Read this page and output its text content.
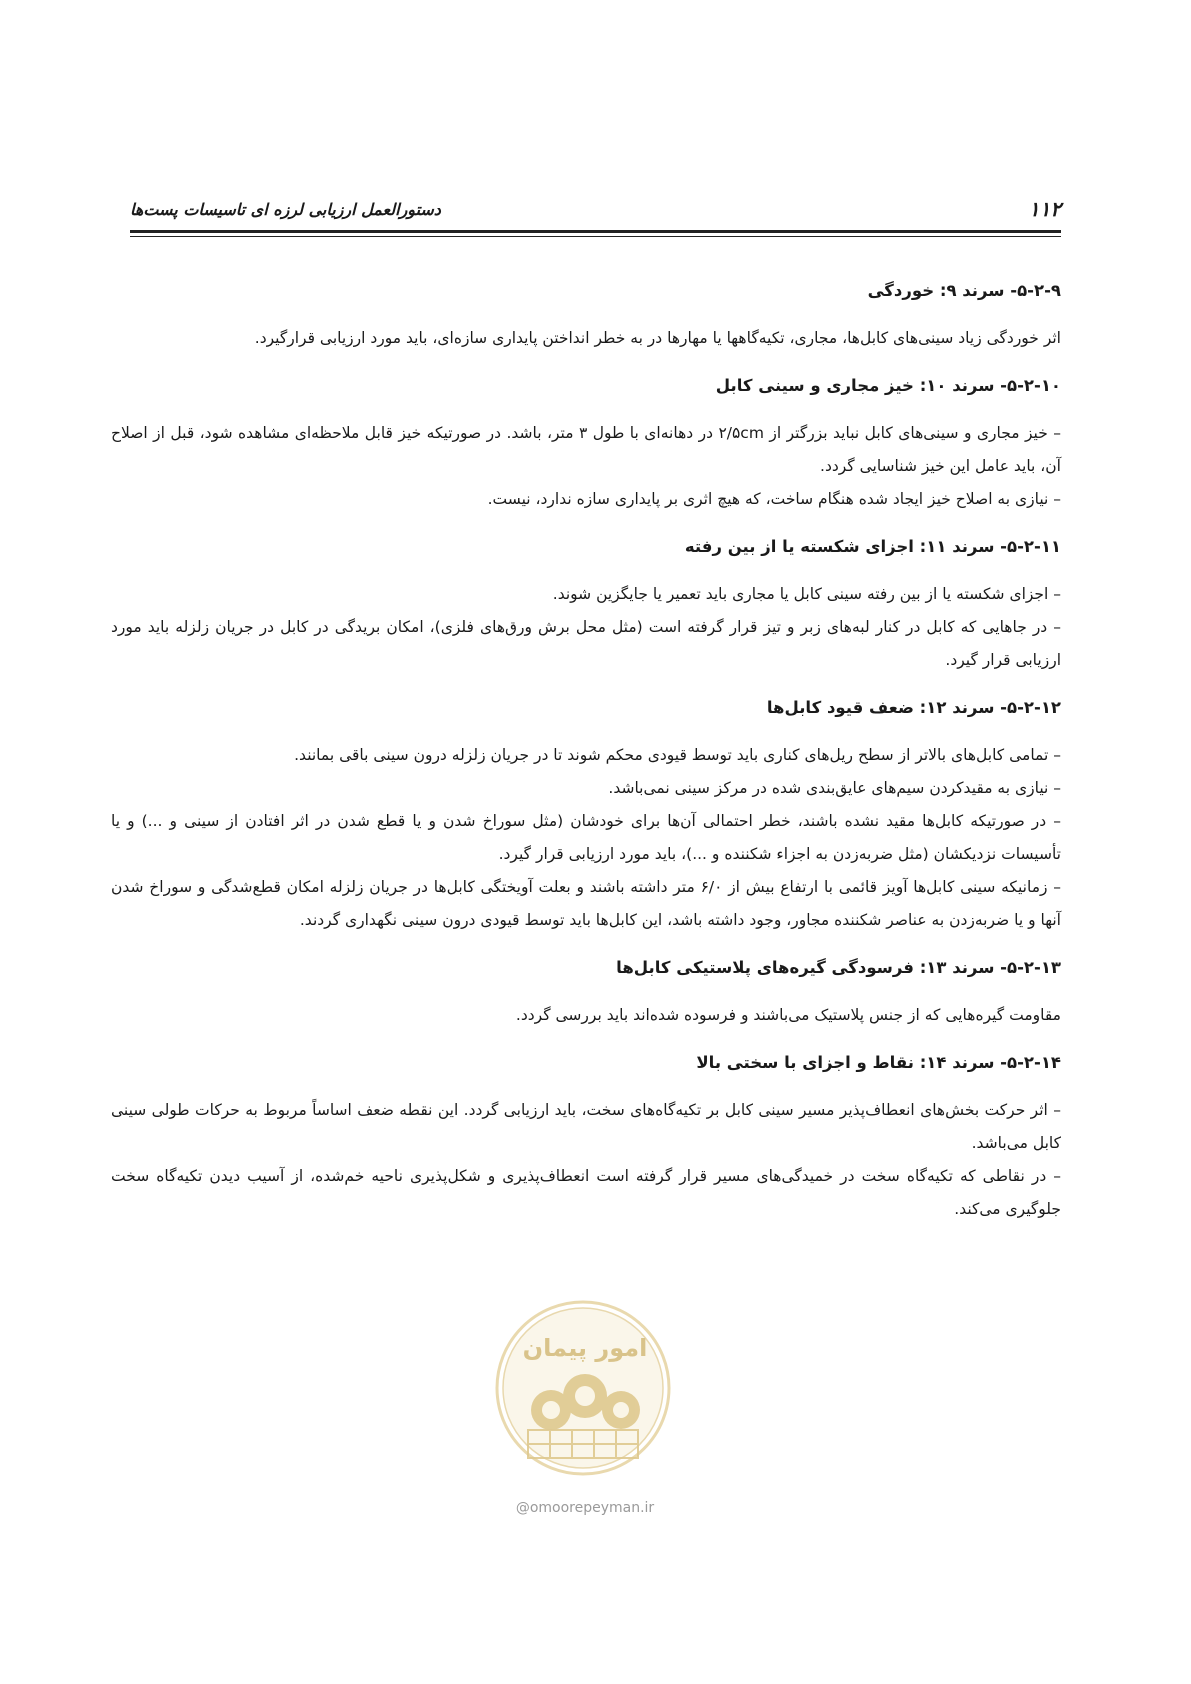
۱۱۲
دستورالعمل ارزیابی لرزه ای تاسیسات پست‌ها
۵-۲-۹- سرند ۹: خوردگی

اثر خوردگی زیاد سینی‌های کابل‌ها، مجاری، تکیه‌گاهها یا مهارها در به خطر انداختن پایداری سازه‌ای، باید مورد ارزیابی قرارگیرد.

۵-۲-۱۰- سرند ۱۰: خیز مجاری و سینی کابل

– خیز مجاری و سینی‌های کابل نباید بزرگتر از ۲/۵cm در دهانه‌ای با طول ۳ متر، باشد. در صورتیکه خیز قابل ملاحظه‌ای مشاهده شود، قبل از اصلاح آن، باید عامل این خیز شناسایی گردد.

– نیازی به اصلاح خیز ایجاد شده هنگام ساخت، که هیچ اثری بر پایداری سازه ندارد، نیست.

۵-۲-۱۱- سرند ۱۱: اجزای شکسته یا از بین رفته

– اجزای شکسته یا از بین رفته سینی کابل یا مجاری باید تعمیر یا جایگزین شوند.

– در جاهایی که کابل در کنار لبه‌های زبر و تیز قرار گرفته است (مثل محل برش ورق‌های فلزی)، امکان بریدگی در کابل در جریان زلزله باید مورد ارزیابی قرار گیرد.

۵-۲-۱۲- سرند ۱۲: ضعف قیود کابل‌ها

– تمامی کابل‌های بالاتر از سطح ریل‌های کناری باید توسط قیودی محکم شوند تا در جریان زلزله درون سینی باقی بمانند.

– نیازی به مقیدکردن سیم‌های عایق‌بندی شده در مرکز سینی نمی‌باشد.

– در صورتیکه کابل‌ها مقید نشده باشند، خطر احتمالی آن‌ها برای خودشان (مثل سوراخ شدن و یا قطع شدن در اثر افتادن از سینی و ...) و یا تأسیسات نزدیکشان (مثل ضربه‌زدن به اجزاء شکننده و ...)، باید مورد ارزیابی قرار گیرد.

– زمانیکه سینی کابل‌ها آویز قائمی با ارتفاع بیش از ۶/۰ متر داشته باشند و بعلت آویختگی کابل‌ها در جریان زلزله امکان قطع‌شدگی و سوراخ شدن آنها و یا ضربه‌زدن به عناصر شکننده مجاور، وجود داشته باشد، این کابل‌ها باید توسط قیودی درون سینی نگهداری گردند.

۵-۲-۱۳- سرند ۱۳: فرسودگی گیره‌های پلاستیکی کابل‌ها

مقاومت گیره‌هایی که از جنس پلاستیک می‌باشند و فرسوده شده‌اند باید بررسی گردد.

۵-۲-۱۴- سرند ۱۴: نقاط و اجزای با سختی بالا

– اثر حرکت بخش‌های انعطاف‌پذیر مسیر سینی کابل بر تکیه‌گاه‌های سخت، باید ارزیابی گردد. این نقطه ضعف اساساً مربوط به حرکات طولی سینی کابل می‌باشد.

– در نقاطی که تکیه‌گاه سخت در خمیدگی‌های مسیر قرار گرفته است انعطاف‌پذیری و شکل‌پذیری ناحیه خم‌شده، از آسیب دیدن تکیه‌گاه سخت جلوگیری می‌کند.

امور پیمان
@omoorepeyman.ir
